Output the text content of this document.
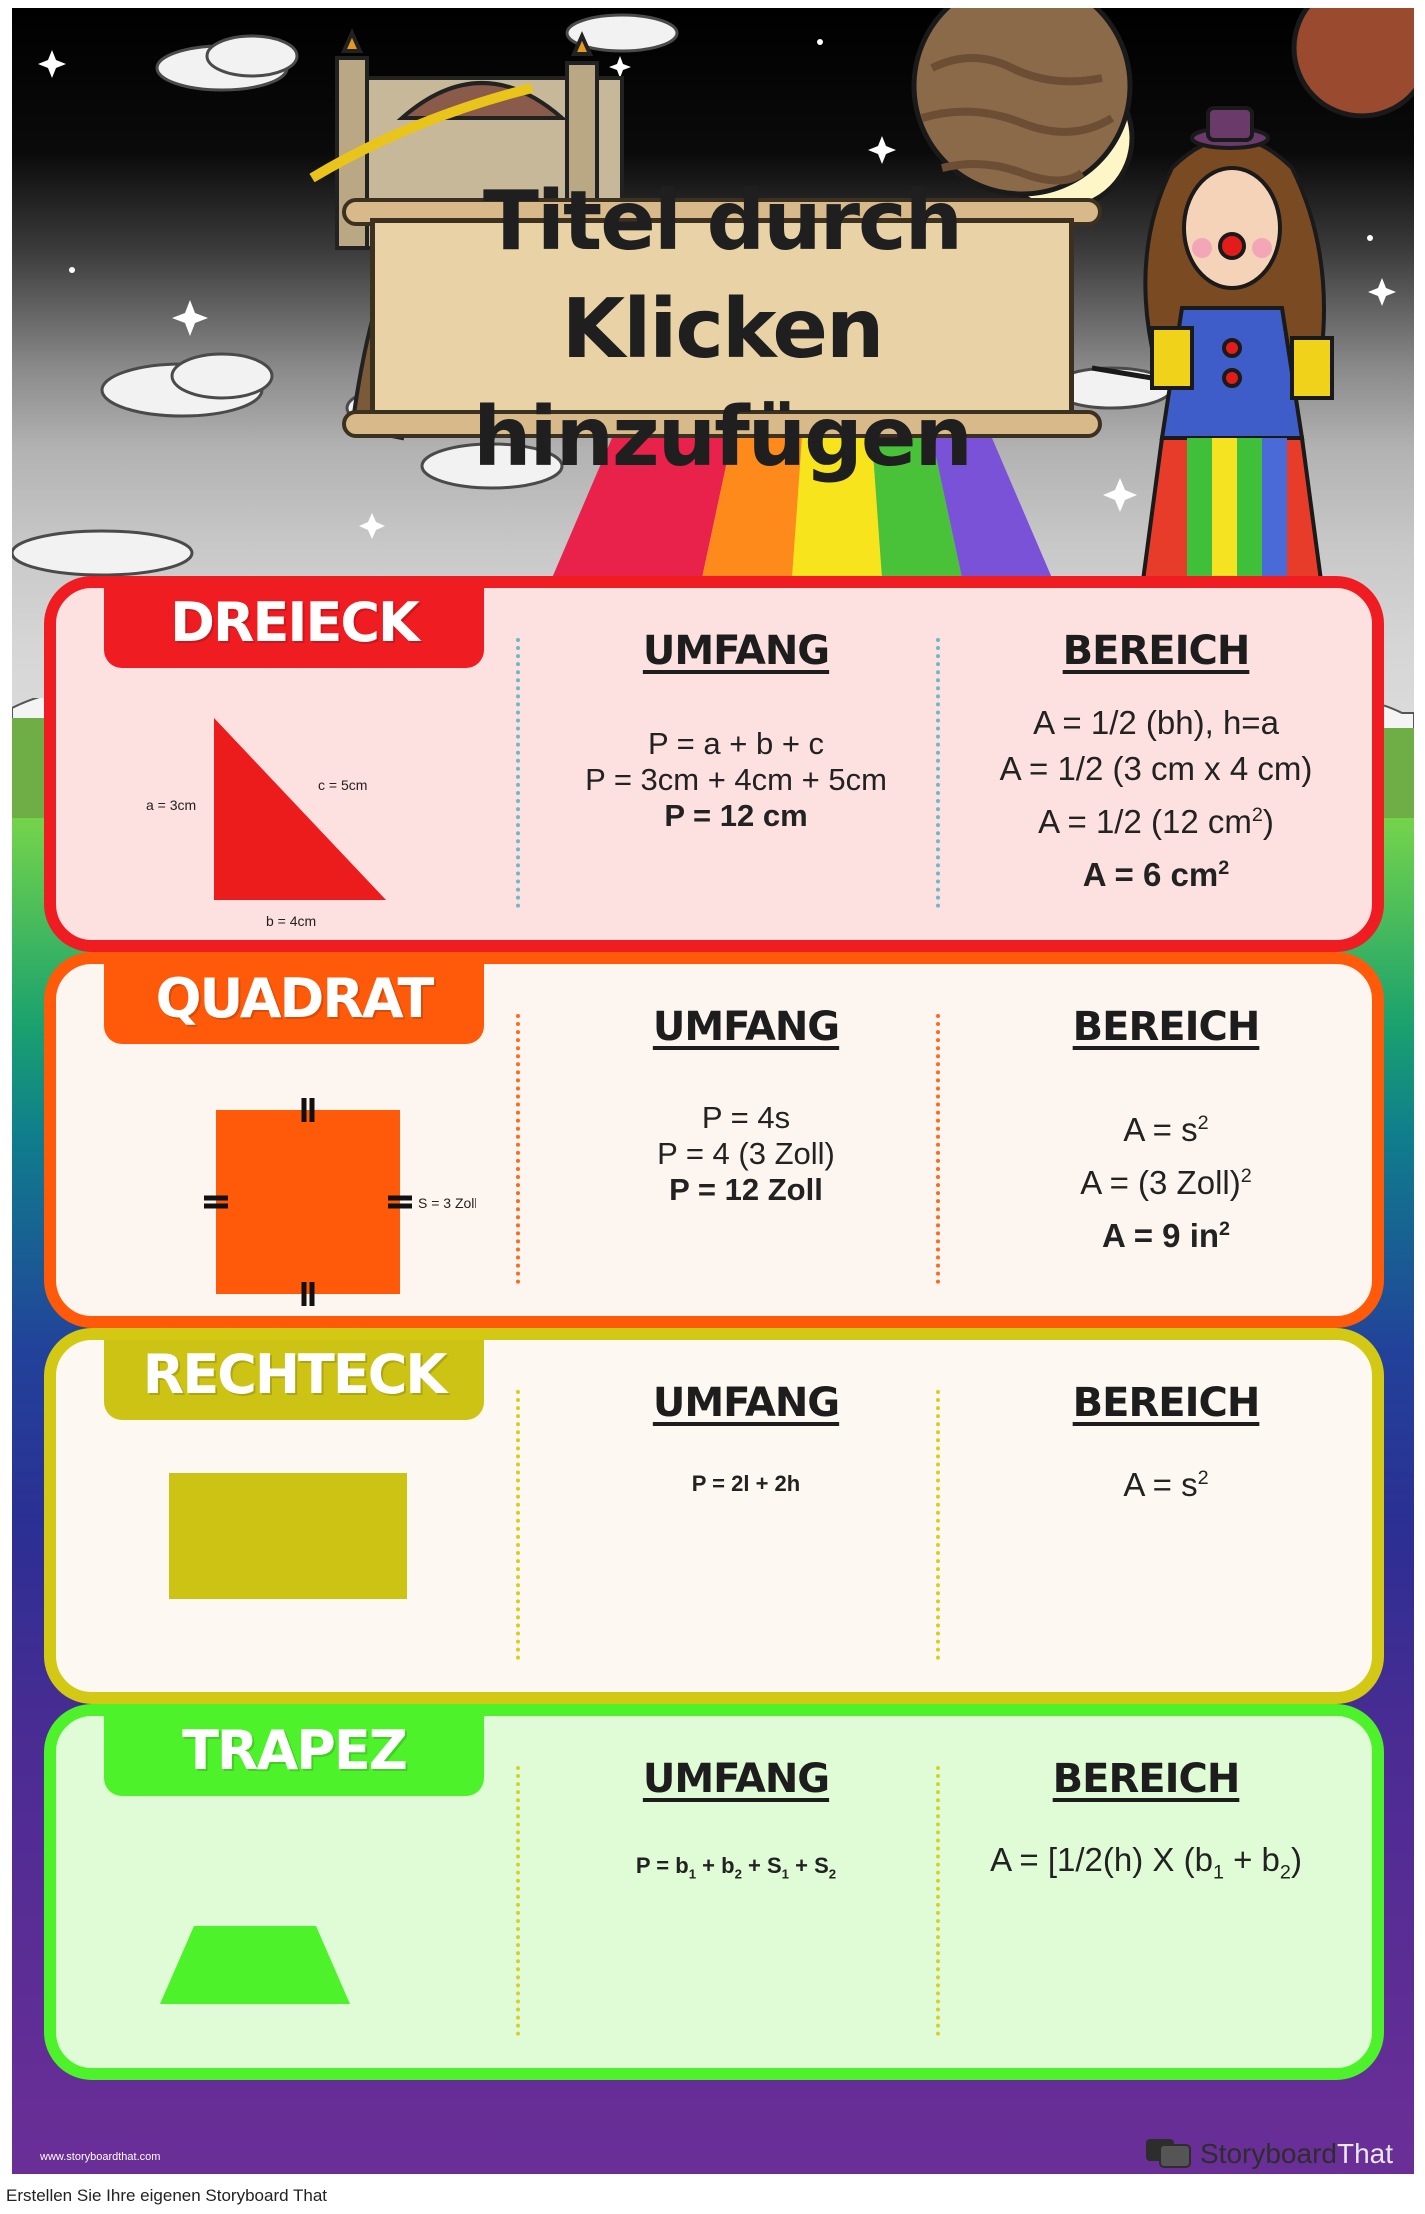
Titel durch
Klicken
hinzufügen
DREIECK
a = 3cm
c = 5cm
b = 4cm
UMFANG
P = a + b + c
P = 3cm + 4cm + 5cm
P = 12 cm
BEREICH
A = 1/2 (bh), h=a
A = 1/2 (3 cm x 4 cm)
A = 1/2 (12 $cm^2$)
A = 6 $cm^2$
QUADRAT
S = 3 Zoll
UMFANG
P = 4s
P = 4 (3 Zoll)
P = 12 Zoll
BEREICH
$A = s^2$
A = (3 Zoll)$^2$
A = 9 $in^2$
RECHTECK	UMFANG
P = 2l + 2h
BEREICH
$A = s^2$
TRAPEZ	UMFANG
$P = b_1 + b_2 + S_1 + S_2$
BEREICH
A = [1/2(h) X $(b_1 + b_2)$
www.storyboardthat.com	StoryboardThat
Erstellen Sie Ihre eigenen Storyboard That
